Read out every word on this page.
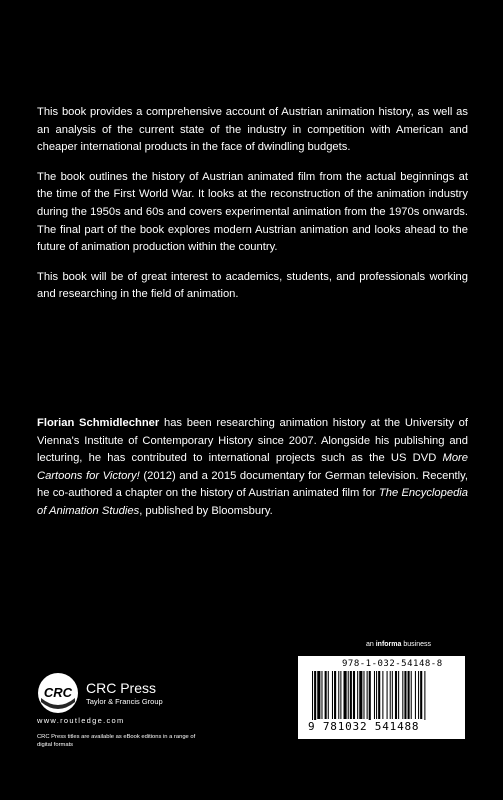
This book provides a comprehensive account of Austrian animation history, as well as an analysis of the current state of the industry in competition with American and cheaper international products in the face of dwindling budgets.

The book outlines the history of Austrian animated film from the actual beginnings at the time of the First World War. It looks at the reconstruction of the animation industry during the 1950s and 60s and covers experimental animation from the 1970s onwards. The final part of the book explores modern Austrian animation and looks ahead to the future of animation production within the country.

This book will be of great interest to academics, students, and professionals working and researching in the field of animation.

Florian Schmidlechner has been researching animation history at the University of Vienna's Institute of Contemporary History since 2007. Alongside his publishing and lecturing, he has contributed to international projects such as the US DVD More Cartoons for Victory! (2012) and a 2015 documentary for German television. Recently, he co-authored a chapter on the history of Austrian animated film for The Encyclopedia of Animation Studies, published by Bloomsbury.

an informa business
978-1-032-54148-8
9 781032 541488
CRC CRC Press
Taylor & Francis Group
www.routledge.com
CRC Press titles are available as eBook editions in a range of digital formats
